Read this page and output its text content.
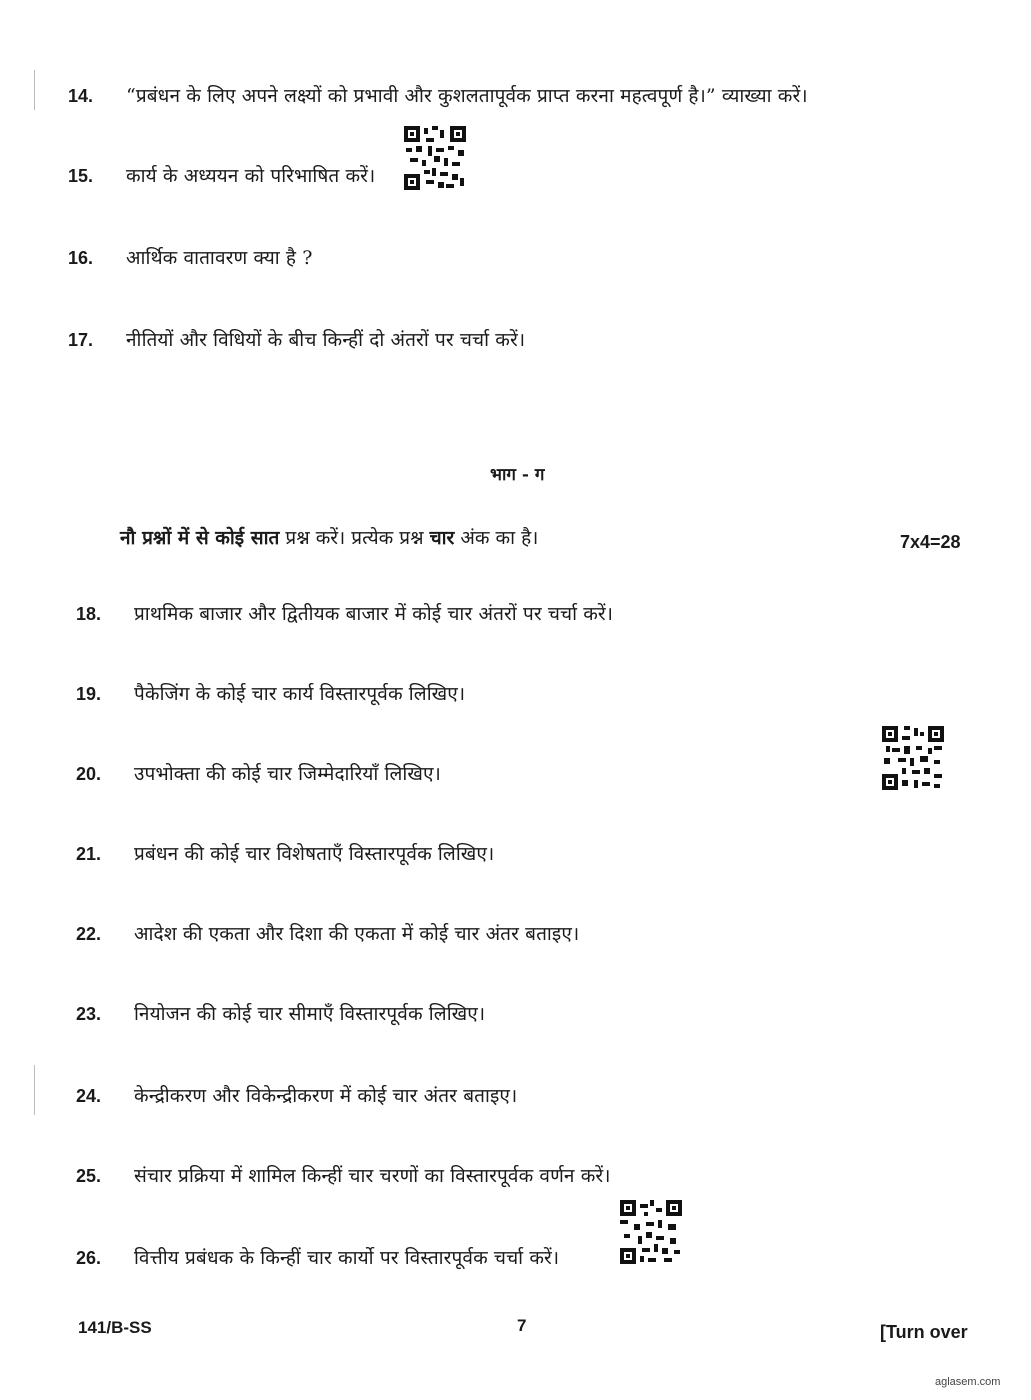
14.	“प्रबंधन के लिए अपने लक्ष्यों को प्रभावी और कुशलतापूर्वक प्राप्त करना महत्वपूर्ण है।” व्याख्या करें।
15.	कार्य के अध्ययन को परिभाषित करें।
16.	आर्थिक वातावरण क्या है ?
17.	नीतियों और विधियों के बीच किन्हीं दो अंतरों पर चर्चा करें।
भाग - ग
नौ प्रश्नों में से कोई सात प्रश्न करें। प्रत्येक प्रश्न चार अंक का है।	7x4=28
18.	प्राथमिक बाजार और द्वितीयक बाजार में कोई चार अंतरों पर चर्चा करें।
19.	पैकेजिंग के कोई चार कार्य विस्तारपूर्वक लिखिए।
20.	उपभोक्ता की कोई चार जिम्मेदारियाँ लिखिए।
21.	प्रबंधन की कोई चार विशेषताएँ विस्तारपूर्वक लिखिए।
22.	आदेश की एकता और दिशा की एकता में कोई चार अंतर बताइए।
23.	नियोजन की कोई चार सीमाएँ विस्तारपूर्वक लिखिए।
24.	केन्द्रीकरण और विकेन्द्रीकरण में कोई चार अंतर बताइए।
25.	संचार प्रक्रिया में शामिल किन्हीं चार चरणों का विस्तारपूर्वक वर्णन करें।
26.	वित्तीय प्रबंधक के किन्हीं चार कार्यो पर विस्तारपूर्वक चर्चा करें।
141/B-SS	7	[Turn over
aglasem.com
